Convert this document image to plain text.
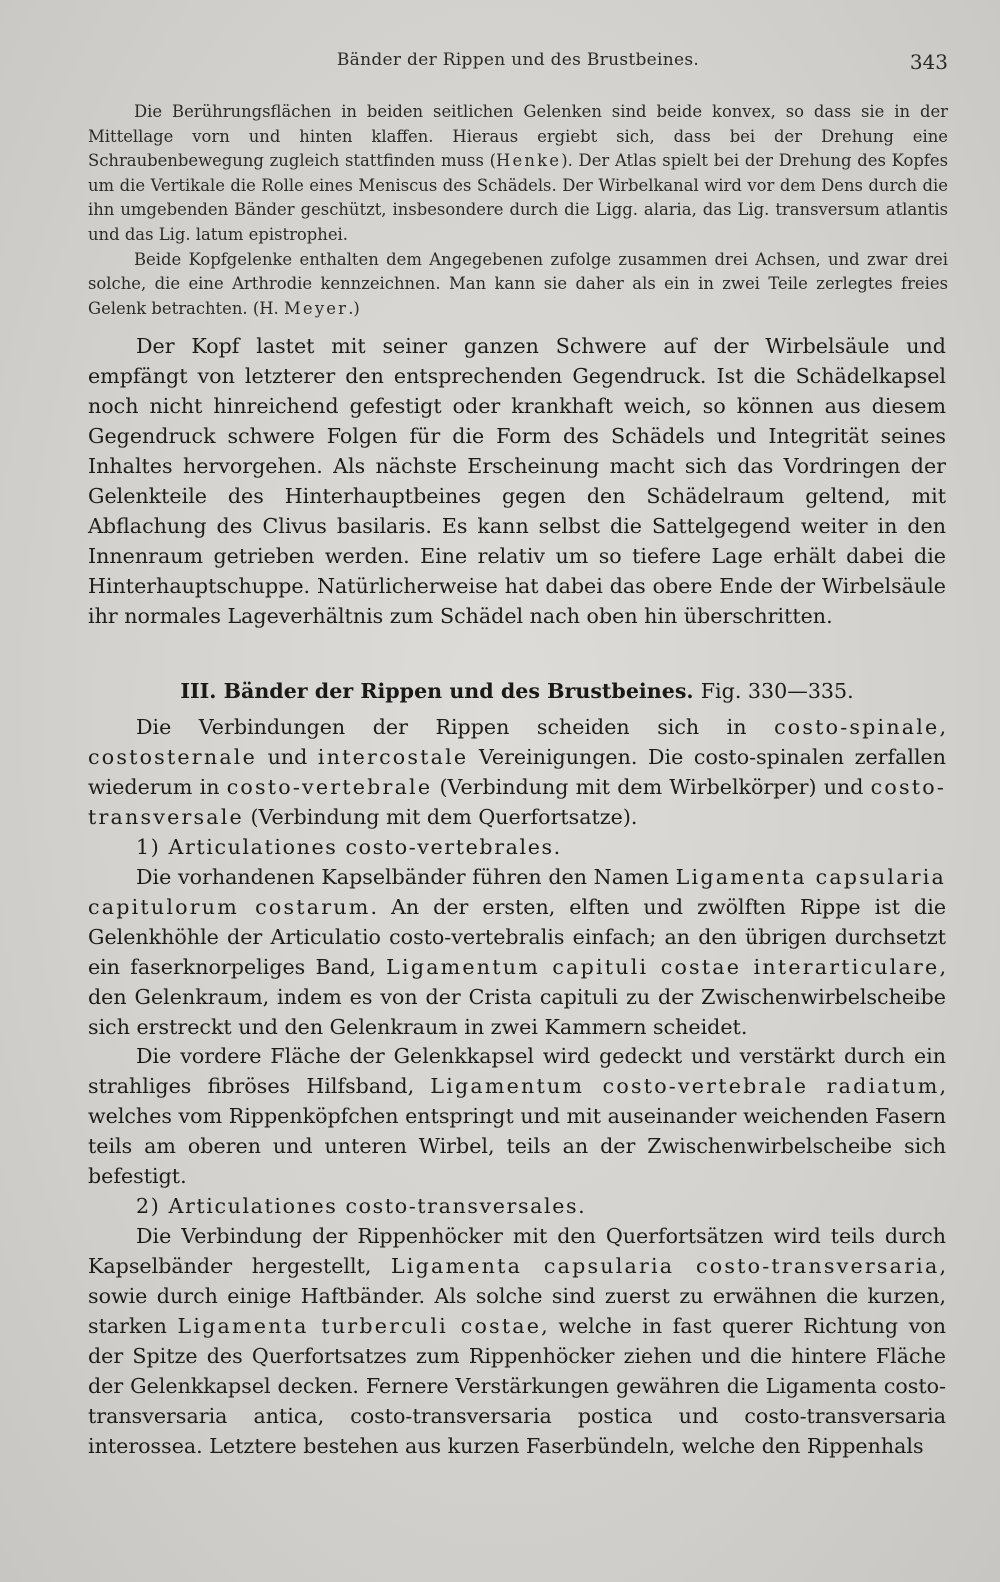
Bänder der Rippen und des Brustbeines.	343

Die Berührungsflächen in beiden seitlichen Gelenken sind beide konvex, so dass sie in der Mittellage vorn und hinten klaffen. Hieraus ergiebt sich, dass bei der Drehung eine Schraubenbewegung zugleich stattfinden muss (Henke). Der Atlas spielt bei der Drehung des Kopfes um die Vertikale die Rolle eines Meniscus des Schädels. Der Wirbelkanal wird vor dem Dens durch die ihn umgebenden Bänder geschützt, insbesondere durch die Ligg. alaria, das Lig. transversum atlantis und das Lig. latum epistrophei.

Beide Kopfgelenke enthalten dem Angegebenen zufolge zusammen drei Achsen, und zwar drei solche, die eine Arthrodie kennzeichnen. Man kann sie daher als ein in zwei Teile zerlegtes freies Gelenk betrachten. (H. Meyer.)

Der Kopf lastet mit seiner ganzen Schwere auf der Wirbelsäule und empfängt von letzterer den entsprechenden Gegendruck. Ist die Schädelkapsel noch nicht hinreichend gefestigt oder krankhaft weich, so können aus diesem Gegendruck schwere Folgen für die Form des Schädels und Integrität seines Inhaltes hervorgehen. Als nächste Erscheinung macht sich das Vordringen der Gelenkteile des Hinterhauptbeines gegen den Schädelraum geltend, mit Abflachung des Clivus basilaris. Es kann selbst die Sattelgegend weiter in den Innenraum getrieben werden. Eine relativ um so tiefere Lage erhält dabei die Hinterhauptschuppe. Natürlicherweise hat dabei das obere Ende der Wirbelsäule ihr normales Lageverhältnis zum Schädel nach oben hin überschritten.

III. Bänder der Rippen und des Brustbeines. Fig. 330—335.

Die Verbindungen der Rippen scheiden sich in costo-spinale, costosternale und intercostale Vereinigungen. Die costo-spinalen zerfallen wiederum in costo-vertebrale (Verbindung mit dem Wirbelkörper) und costo-transversale (Verbindung mit dem Querfortsatze).

1) Articulationes costo-vertebrales.

Die vorhandenen Kapselbänder führen den Namen Ligamenta capsularia capitulorum costarum. An der ersten, elften und zwölften Rippe ist die Gelenkhöhle der Articulatio costo-vertebralis einfach; an den übrigen durchsetzt ein faserknorpeliges Band, Ligamentum capituli costae interarticulare, den Gelenkraum, indem es von der Crista capituli zu der Zwischenwirbelscheibe sich erstreckt und den Gelenkraum in zwei Kammern scheidet.

Die vordere Fläche der Gelenkkapsel wird gedeckt und verstärkt durch ein strahliges fibröses Hilfsband, Ligamentum costo-vertebrale radiatum, welches vom Rippenköpfchen entspringt und mit auseinander weichenden Fasern teils am oberen und unteren Wirbel, teils an der Zwischenwirbelscheibe sich befestigt.

2) Articulationes costo-transversales.

Die Verbindung der Rippenhöcker mit den Querfortsätzen wird teils durch Kapselbänder hergestellt, Ligamenta capsularia costo-transversaria, sowie durch einige Haftbänder. Als solche sind zuerst zu erwähnen die kurzen, starken Ligamenta turberculi costae, welche in fast querer Richtung von der Spitze des Querfortsatzes zum Rippenhöcker ziehen und die hintere Fläche der Gelenkkapsel decken. Fernere Verstärkungen gewähren die Ligamenta costo-transversaria antica, costo-transversaria postica und costo-transversaria interossea. Letztere bestehen aus kurzen Faserbündeln, welche den Rippenhals
